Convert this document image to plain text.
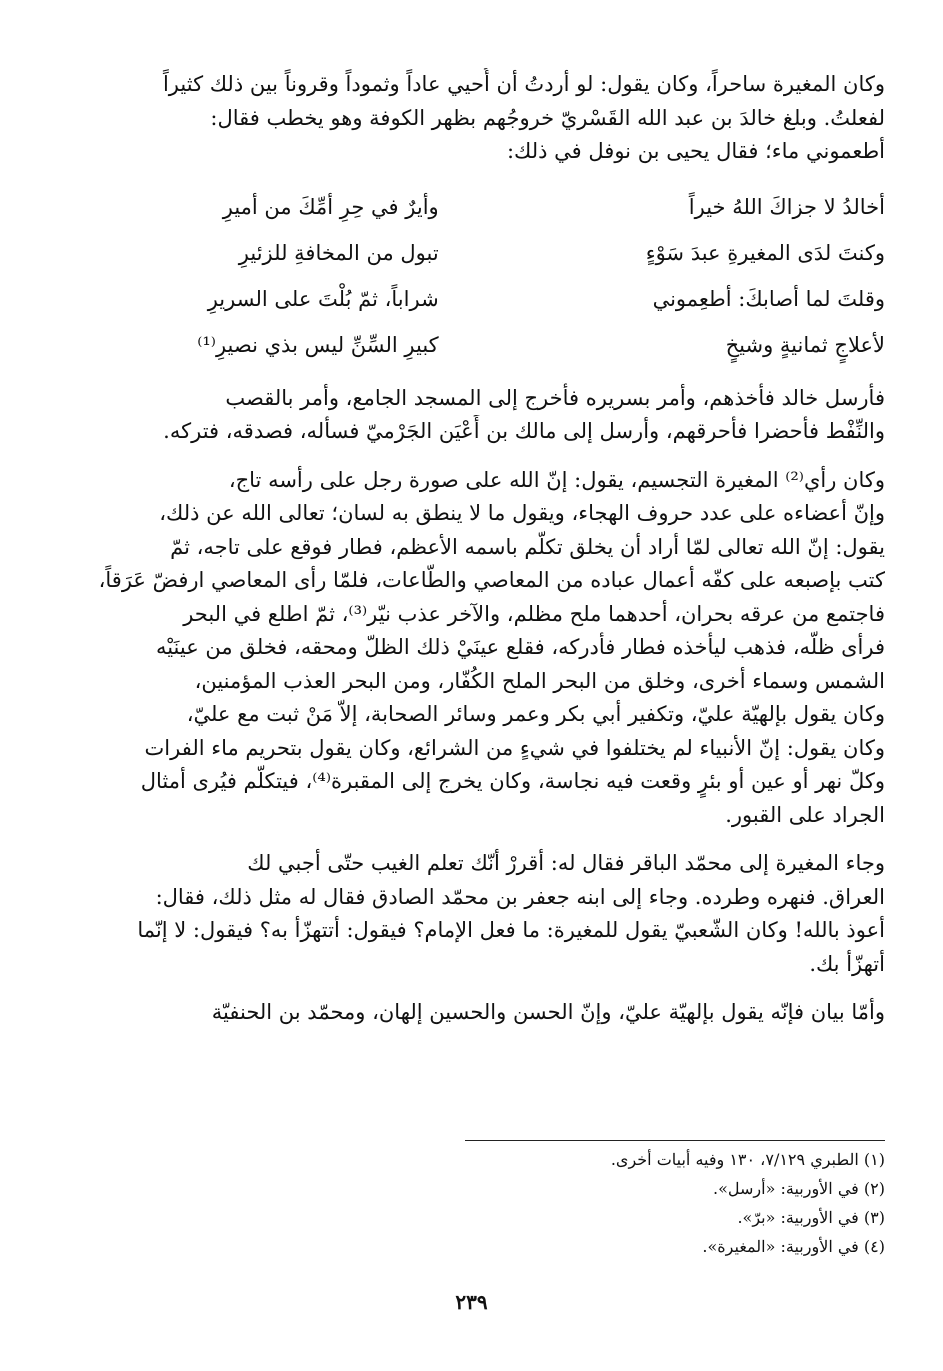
وكان المغيرة ساحراً، وكان يقول: لو أردتُ أن أُحيي عاداً وثموداً وقروناً بين ذلك كثيراً
لفعلتُ. وبلغ خالدَ بن عبد الله القَسْريّ خروجُهم بظهر الكوفة وهو يخطب فقال:
أطعموني ماء؛ فقال يحيى بن نوفل في ذلك:
أخالدُ لا جزاكَ اللهُ خيراً
وأيرٌ في حِرِ أمِّكَ من أميرِ
وكنتَ لدَى المغيرةِ عبدَ سَوْءٍ
تبول من المخافةِ للزئيرِ
وقلتَ لما أصابكَ: أطعِموني
شراباً، ثمّ بُلْتَ على السريرِ
لأعلاجٍ ثمانيةٍ وشيخٍ
كبيرِ السِّنِّ ليس بذي نصيرِ⁽¹⁾
فأرسل خالد فأخذهم، وأمر بسريره فأُخرج إلى المسجد الجامع، وأمر بالقصب
والنِّفْط فأُحضرا فأحرقهم، وأرسل إلى مالك بن أَعْيَن الجَرْميّ فسأله، فصدقه، فتركه.
وكان رأي⁽²⁾ المغيرة التجسيم، يقول: إنّ الله على صورة رجل على رأسه تاج،
وإنّ أعضاءه على عدد حروف الهجاء، ويقول ما لا ينطق به لسان؛ تعالى الله عن ذلك،
يقول: إنّ الله تعالى لمّا أراد أن يخلق تكلّم باسمه الأعظم، فطار فوقع على تاجه، ثمّ
كتب بإصبعه على كفّه أعمال عباده من المعاصي والطّاعات، فلمّا رأى المعاصي ارفضّ عَرَقاً،
فاجتمع من عرقه بحران، أحدهما ملح مظلم، والآخر عذب نيّر⁽³⁾، ثمّ اطلع في البحر
فرأى ظلّه، فذهب ليأخذه فطار فأدركه، فقلع عينَيْ ذلك الظلّ ومحقه، فخلق من عينَيْه
الشمس وسماء أخرى، وخلق من البحر الملح الكُفّار، ومن البحر العذب المؤمنين،
وكان يقول بإلهيّة عليّ، وتكفير أبي بكر وعمر وسائر الصحابة، إلاّ مَنْ ثبت مع عليّ،
وكان يقول: إنّ الأنبياء لم يختلفوا في شيءٍ من الشرائع، وكان يقول بتحريم ماء الفرات
وكلّ نهر أو عين أو بئرٍ وقعت فيه نجاسة، وكان يخرج إلى المقبرة⁽⁴⁾، فيتكلّم فيُرى أمثال
الجراد على القبور.
وجاء المغيرة إلى محمّد الباقر فقال له: أقررْ أنّك تعلم الغيب حتّى أجبي لك
العراق. فنهره وطرده. وجاء إلى ابنه جعفر بن محمّد الصادق فقال له مثل ذلك، فقال:
أعوذ بالله! وكان الشّعبيّ يقول للمغيرة: ما فعل الإمام؟ فيقول: أتتهزّأ به؟ فيقول: لا إنّما
أتهزّأ بك.
وأمّا بيان فإنّه يقول بإلهيّة عليّ، وإنّ الحسن والحسين إلهان، ومحمّد بن الحنفيّة
(١) الطبري ٧/١٢٩، ١٣٠ وفيه أبيات أخرى.
(٢) في الأوربية: «أرسل».
(٣) في الأوربية: «برّ».
(٤) في الأوربية: «المغيرة».
٢٣٩
